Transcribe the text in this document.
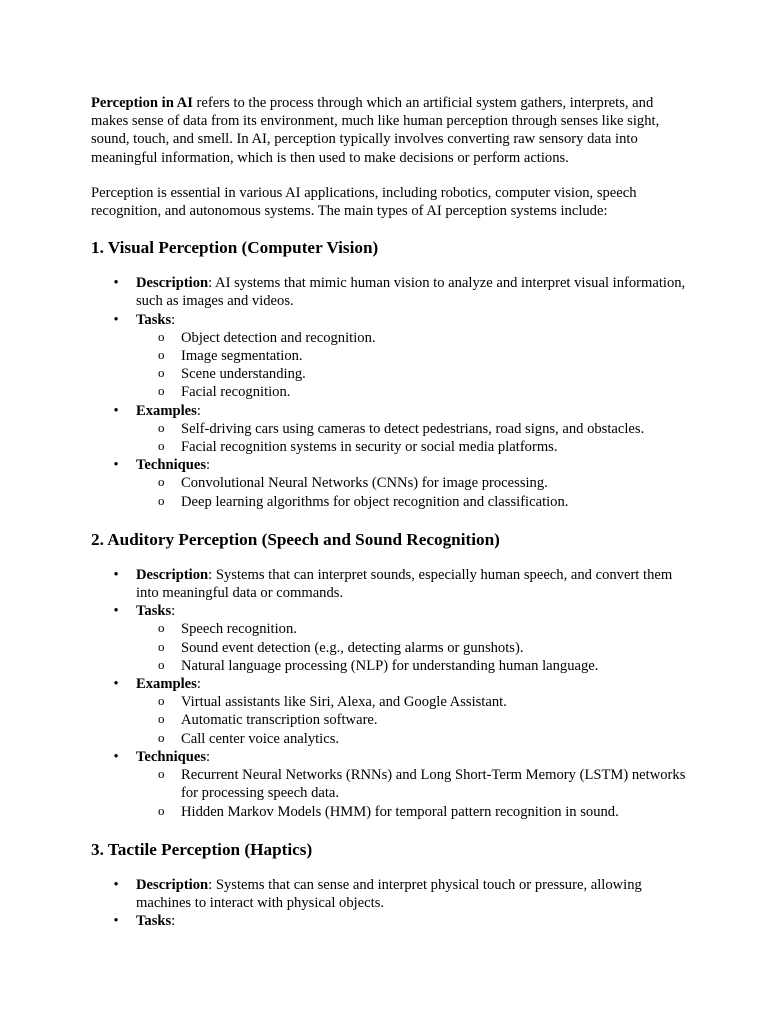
Perception in AI refers to the process through which an artificial system gathers, interprets, and makes sense of data from its environment, much like human perception through senses like sight, sound, touch, and smell. In AI, perception typically involves converting raw sensory data into meaningful information, which is then used to make decisions or perform actions.

Perception is essential in various AI applications, including robotics, computer vision, speech recognition, and autonomous systems. The main types of AI perception systems include:

1. Visual Perception (Computer Vision)
• Description: AI systems that mimic human vision to analyze and interpret visual information, such as images and videos.
• Tasks:
o Object detection and recognition.
o Image segmentation.
o Scene understanding.
o Facial recognition.
• Examples:
o Self-driving cars using cameras to detect pedestrians, road signs, and obstacles.
o Facial recognition systems in security or social media platforms.
• Techniques:
o Convolutional Neural Networks (CNNs) for image processing.
o Deep learning algorithms for object recognition and classification.
2. Auditory Perception (Speech and Sound Recognition)
• Description: Systems that can interpret sounds, especially human speech, and convert them into meaningful data or commands.
• Tasks:
o Speech recognition.
o Sound event detection (e.g., detecting alarms or gunshots).
o Natural language processing (NLP) for understanding human language.
• Examples:
o Virtual assistants like Siri, Alexa, and Google Assistant.
o Automatic transcription software.
o Call center voice analytics.
• Techniques:
o Recurrent Neural Networks (RNNs) and Long Short-Term Memory (LSTM) networks for processing speech data.
o Hidden Markov Models (HMM) for temporal pattern recognition in sound.
3. Tactile Perception (Haptics)
• Description: Systems that can sense and interpret physical touch or pressure, allowing machines to interact with physical objects.
• Tasks:
